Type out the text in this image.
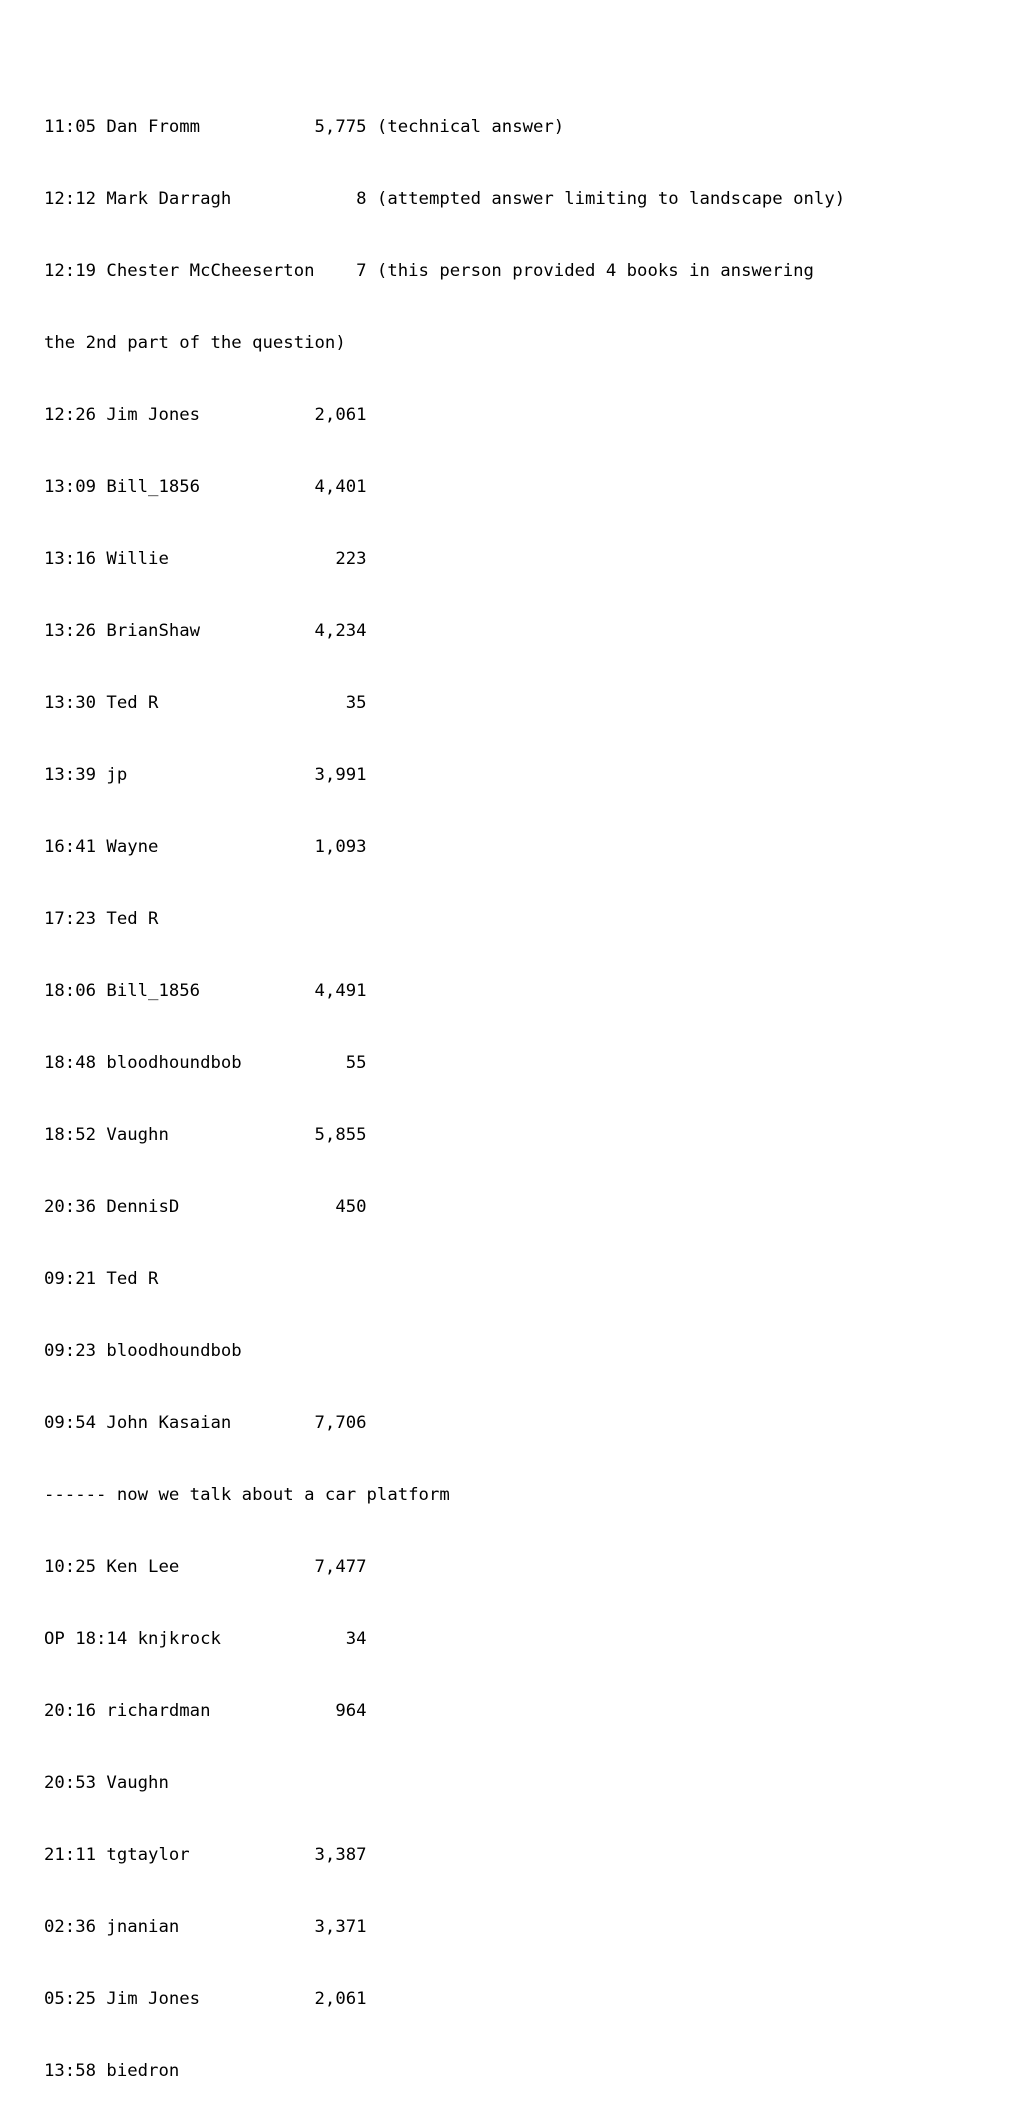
11:05 Dan Fromm           5,775 (technical answer)

12:12 Mark Darragh            8 (attempted answer limiting to landscape only)

12:19 Chester McCheeserton    7 (this person provided 4 books in answering

the 2nd part of the question)

12:26 Jim Jones           2,061

13:09 Bill_1856           4,401

13:16 Willie                223

13:26 BrianShaw           4,234

13:30 Ted R                  35

13:39 jp                  3,991

16:41 Wayne               1,093

17:23 Ted R

18:06 Bill_1856           4,491

18:48 bloodhoundbob          55

18:52 Vaughn              5,855

20:36 DennisD               450

09:21 Ted R

09:23 bloodhoundbob

09:54 John Kasaian        7,706

------ now we talk about a car platform

10:25 Ken Lee             7,477

OP 18:14 knjkrock            34

20:16 richardman            964

20:53 Vaughn

21:11 tgtaylor            3,387

02:36 jnanian             3,371

05:25 Jim Jones           2,061

13:58 biedron
